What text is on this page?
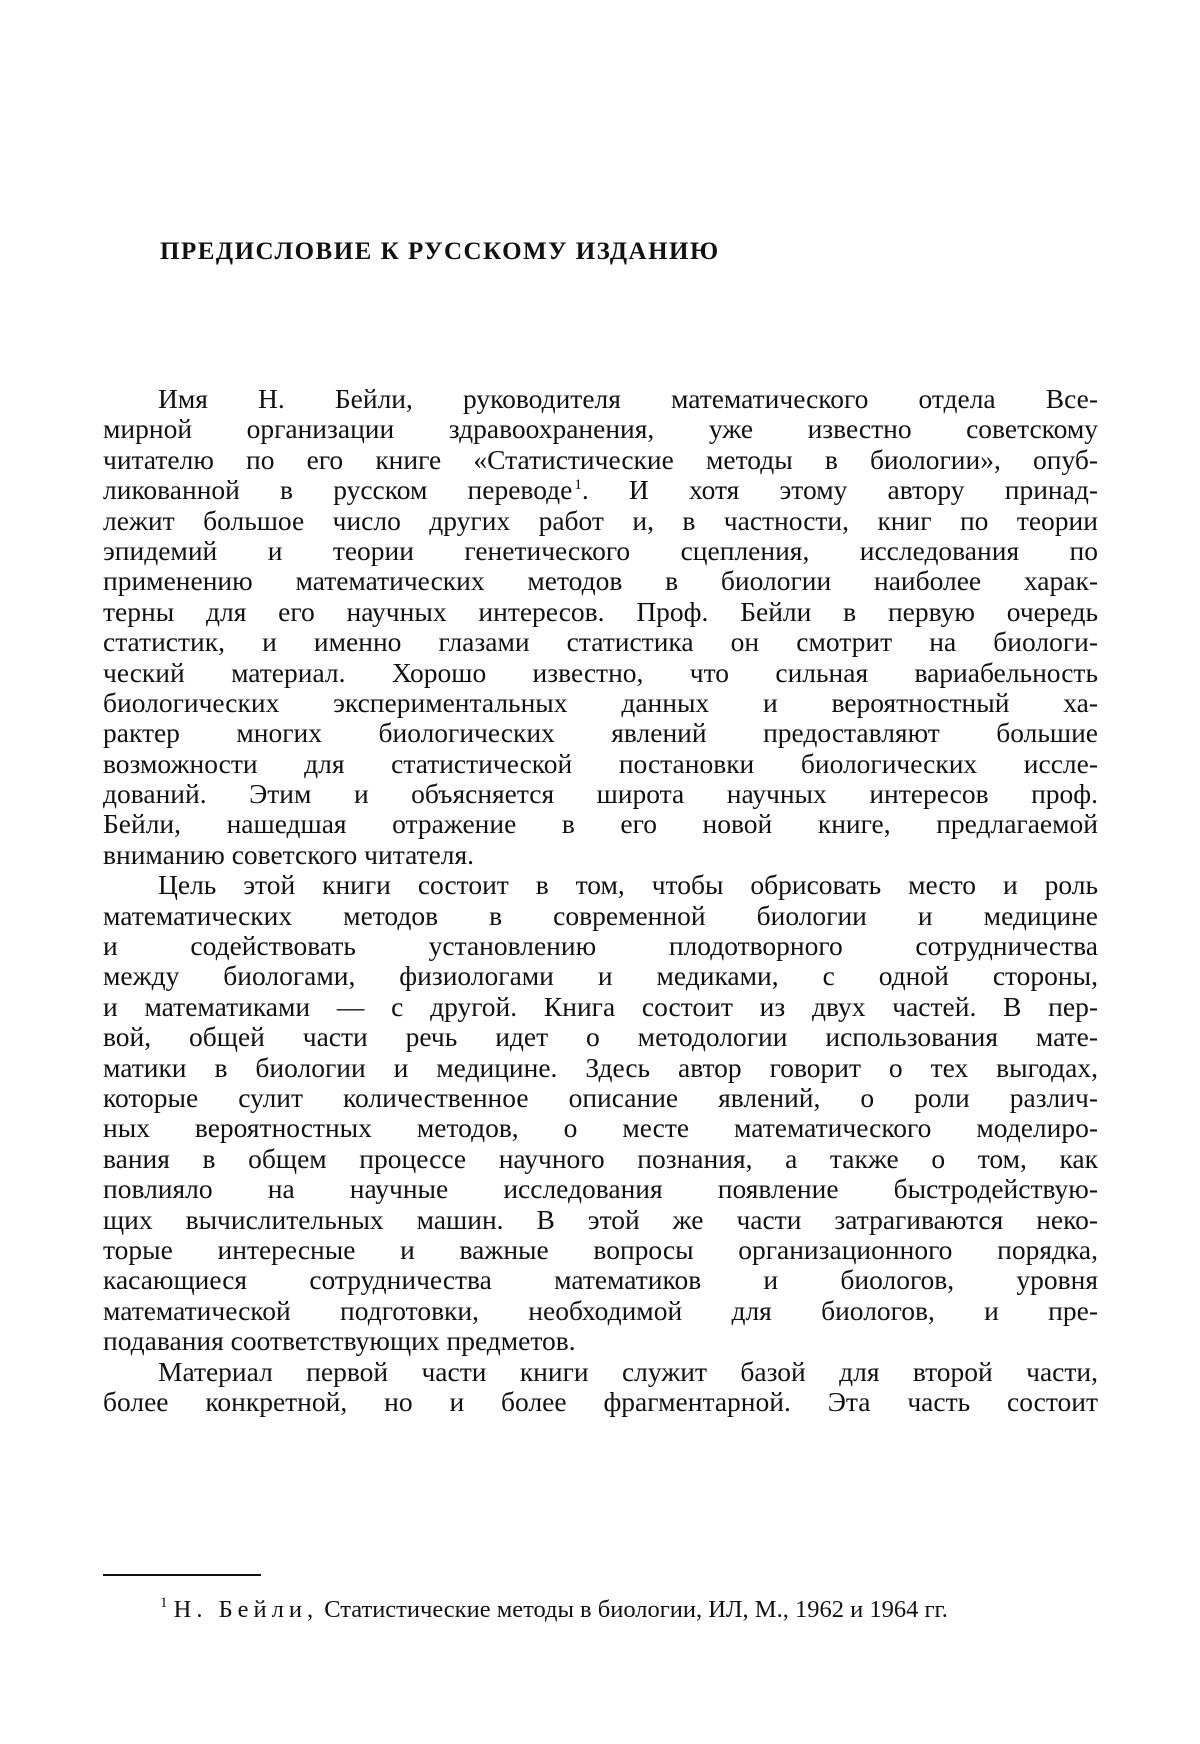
ПРЕДИСЛОВИЕ К РУССКОМУ ИЗДАНИЮ
Имя Н. Бейли, руководителя математического отдела Все-
мирной организации здравоохранения, уже известно советскому
читателю по его книге «Статистические методы в биологии», опуб-
ликованной в русском переводе $^1$. И хотя этому автору принад-
лежит большое число других работ и, в частности, книг по теории
эпидемий и теории генетического сцепления, исследования по
применению математических методов в биологии наиболее харак-
терны для его научных интересов. Проф. Бейли в первую очередь
статистик, и именно глазами статистика он смотрит на биологи-
ческий материал. Хорошо известно, что сильная вариабельность
биологических экспериментальных данных и вероятностный ха-
рактер многих биологических явлений предоставляют большие
возможности для статистической постановки биологических иссле-
дований. Этим и объясняется широта научных интересов проф.
Бейли, нашедшая отражение в его новой книге, предлагаемой
вниманию советского читателя.
Цель этой книги состоит в том, чтобы обрисовать место и роль
математических методов в современной биологии и медицине
и содействовать установлению плодотворного сотрудничества
между биологами, физиологами и медиками, с одной стороны,
и математиками — с другой. Книга состоит из двух частей. В пер-
вой, общей части речь идет о методологии использования мате-
матики в биологии и медицине. Здесь автор говорит о тех выгодах,
которые сулит количественное описание явлений, о роли различ-
ных вероятностных методов, о месте математического моделиро-
вания в общем процессе научного познания, а также о том, как
повлияло на научные исследования появление быстродействую-
щих вычислительных машин. В этой же части затрагиваются неко-
торые интересные и важные вопросы организационного порядка,
касающиеся сотрудничества математиков и биологов, уровня
математической подготовки, необходимой для биологов, и пре-
подавания соответствующих предметов.
Материал первой части книги служит базой для второй части,
более конкретной, но и более фрагментарной. Эта часть состоит
$^1$ Н. Бейли, Статистические методы в биологии, ИЛ, М., 1962 и 1964 гг.
